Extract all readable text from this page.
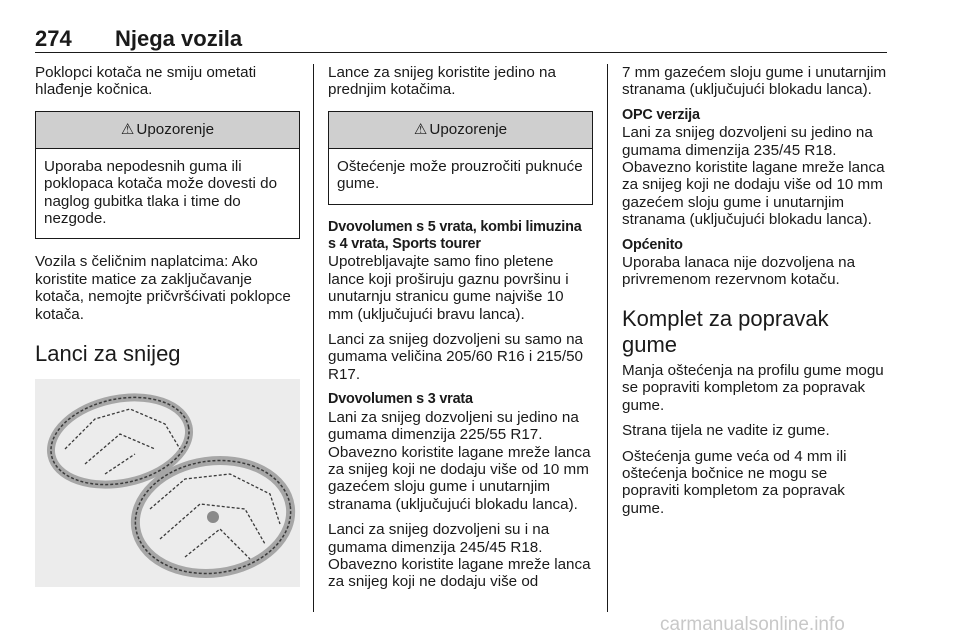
274 Njega vozila

Poklopci kotača ne smiju ometati hlađenje kočnica.

⚠ Upozorenje
Uporaba nepodesnih guma ili poklopaca kotača može dovesti do naglog gubitka tlaka i time do nezgode.

Vozila s čeličnim naplatcima: Ako koristite matice za zaključavanje kotača, nemojte pričvršćivati poklopce kotača.

Lanci za snijeg

Lance za snijeg koristite jedino na prednjim kotačima.

⚠ Upozorenje
Oštećenje može prouzročiti puknuće gume.

Dvovolumen s 5 vrata, kombi limuzina s 4 vrata, Sports tourer

Upotrebljavajte samo fino pletene lance koji proširuju gaznu površinu i unutarnju stranicu gume najviše 10 mm (uključujući bravu lanca).

Lanci za snijeg dozvoljeni su samo na gumama veličina 205/60 R16 i 215/50 R17.

Dvovolumen s 3 vrata

Lani za snijeg dozvoljeni su jedino na gumama dimenzija 225/55 R17. Obavezno koristite lagane mreže lanca za snijeg koji ne dodaju više od 10 mm gazećem sloju gume i unutarnjim stranama (uključujući blokadu lanca).

Lanci za snijeg dozvoljeni su i na gumama dimenzija 245/45 R18. Obavezno koristite lagane mreže lanca za snijeg koji ne dodaju više od

7 mm gazećem sloju gume i unutarnjim stranama (uključujući blokadu lanca).

OPC verzija

Lani za snijeg dozvoljeni su jedino na gumama dimenzija 235/45 R18. Obavezno koristite lagane mreže lanca za snijeg koji ne dodaju više od 10 mm gazećem sloju gume i unutarnjim stranama (uključujući blokadu lanca).

Općenito

Uporaba lanaca nije dozvoljena na privremenom rezervnom kotaču.

Komplet za popravak gume

Manja oštećenja na profilu gume mogu se popraviti kompletom za popravak gume.

Strana tijela ne vadite iz gume.

Oštećenja gume veća od 4 mm ili oštećenja bočnice ne mogu se popraviti kompletom za popravak gume.

carmanualsonline.info
